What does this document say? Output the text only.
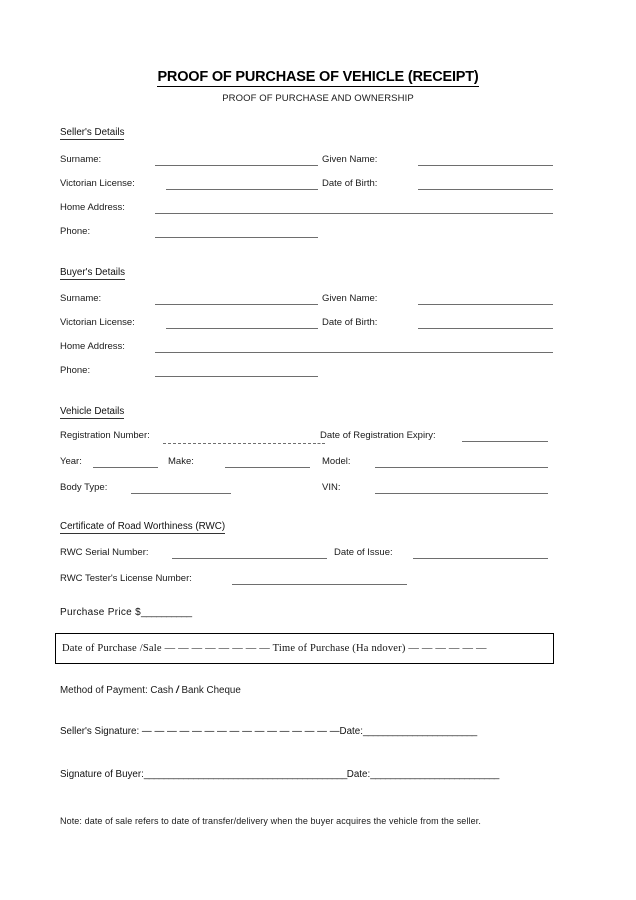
PROOF OF PURCHASE OF VEHICLE (RECEIPT)
PROOF OF PURCHASE AND OWNERSHIP
Seller's Details
Surname:	Given Name:
Victorian License:	Date of Birth:
Home Address:
Phone:
Buyer's Details
Surname:	Given Name:
Victorian License:	Date of Birth:
Home Address:
Phone:
Vehicle Details
Registration Number:	Date of Registration Expiry:
Year:	Make:	Model:
Body Type:	VIN:
Certificate of Road Worthiness (RWC)
RWC Serial Number:	Date of Issue:
RWC Tester's License Number:
Purchase Price $__________
Date of Purchase /Sale — — — — — — — — Time of Purchase (Ha ndover) — — — — — —
Method of Payment: Cash / Bank Cheque
Seller's Signature: — — — — — — — — — — — — — — — —Date:_______________________
Signature of Buyer:_________________________________________Date:__________________________
Note: date of sale refers to date of transfer/delivery when the buyer acquires the vehicle from the seller.
